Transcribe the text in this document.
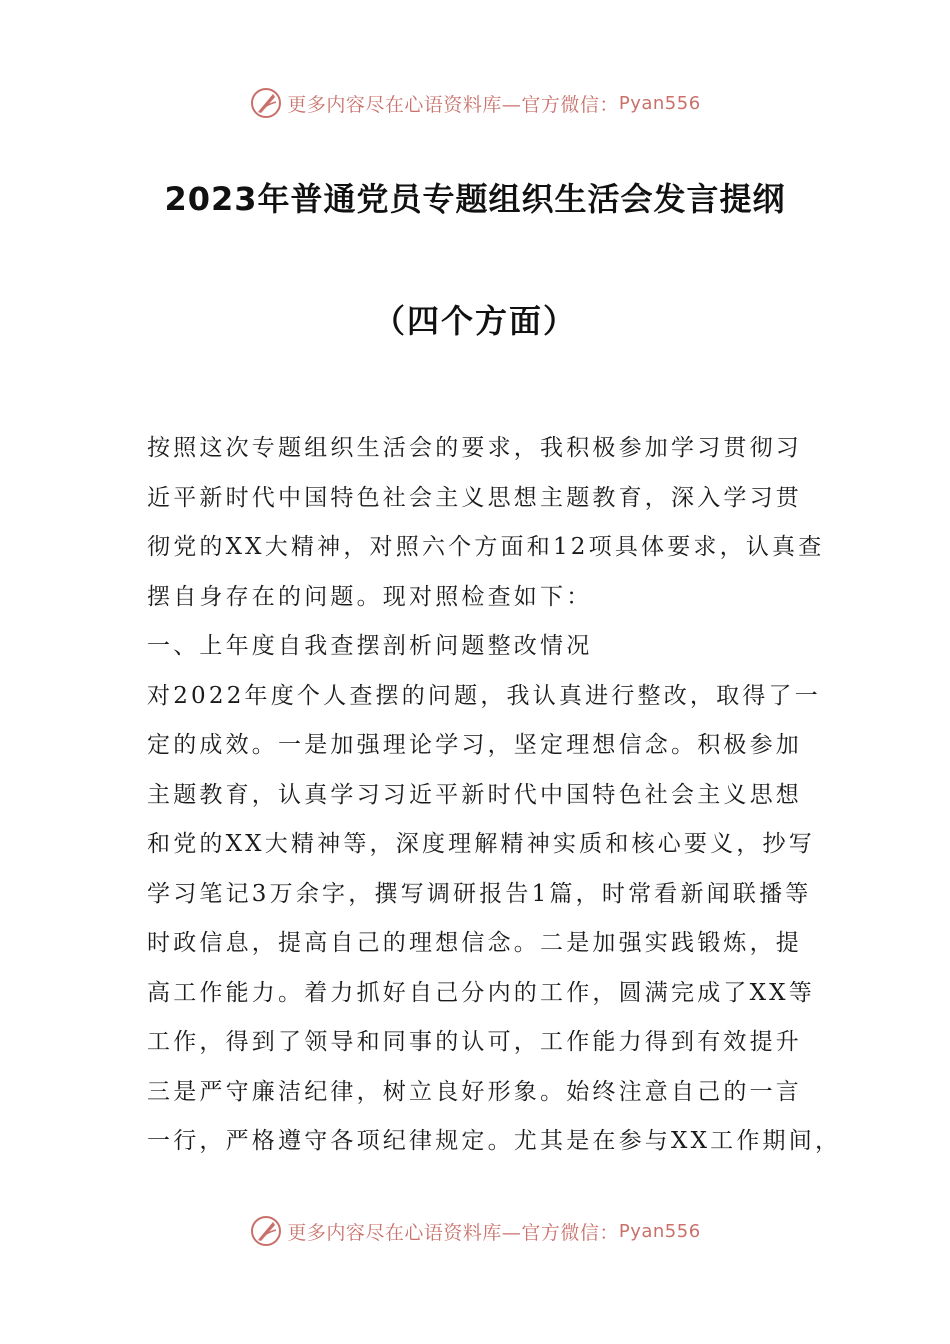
更多内容尽在心语资料库—官方微信： Pyan556
2023年普通党员专题组织生活会发言提纲
（四个方面）
按照这次专题组织生活会的要求，我积极参加学习贯彻习
近平新时代中国特色社会主义思想主题教育，深入学习贯
彻党的XX大精神，对照六个方面和12项具体要求，认真查
摆自身存在的问题。现对照检查如下：
一、上年度自我查摆剖析问题整改情况
对2022年度个人查摆的问题，我认真进行整改，取得了一
定的成效。一是加强理论学习，坚定理想信念。积极参加
主题教育，认真学习习近平新时代中国特色社会主义思想
和党的XX大精神等，深度理解精神实质和核心要义，抄写
学习笔记3万余字，撰写调研报告1篇，时常看新闻联播等
时政信息，提高自己的理想信念。二是加强实践锻炼，提
高工作能力。着力抓好自己分内的工作，圆满完成了XX等
工作，得到了领导和同事的认可，工作能力得到有效提升
三是严守廉洁纪律，树立良好形象。始终注意自己的一言
一行，严格遵守各项纪律规定。尤其是在参与XX工作期间，
更多内容尽在心语资料库—官方微信： Pyan556
